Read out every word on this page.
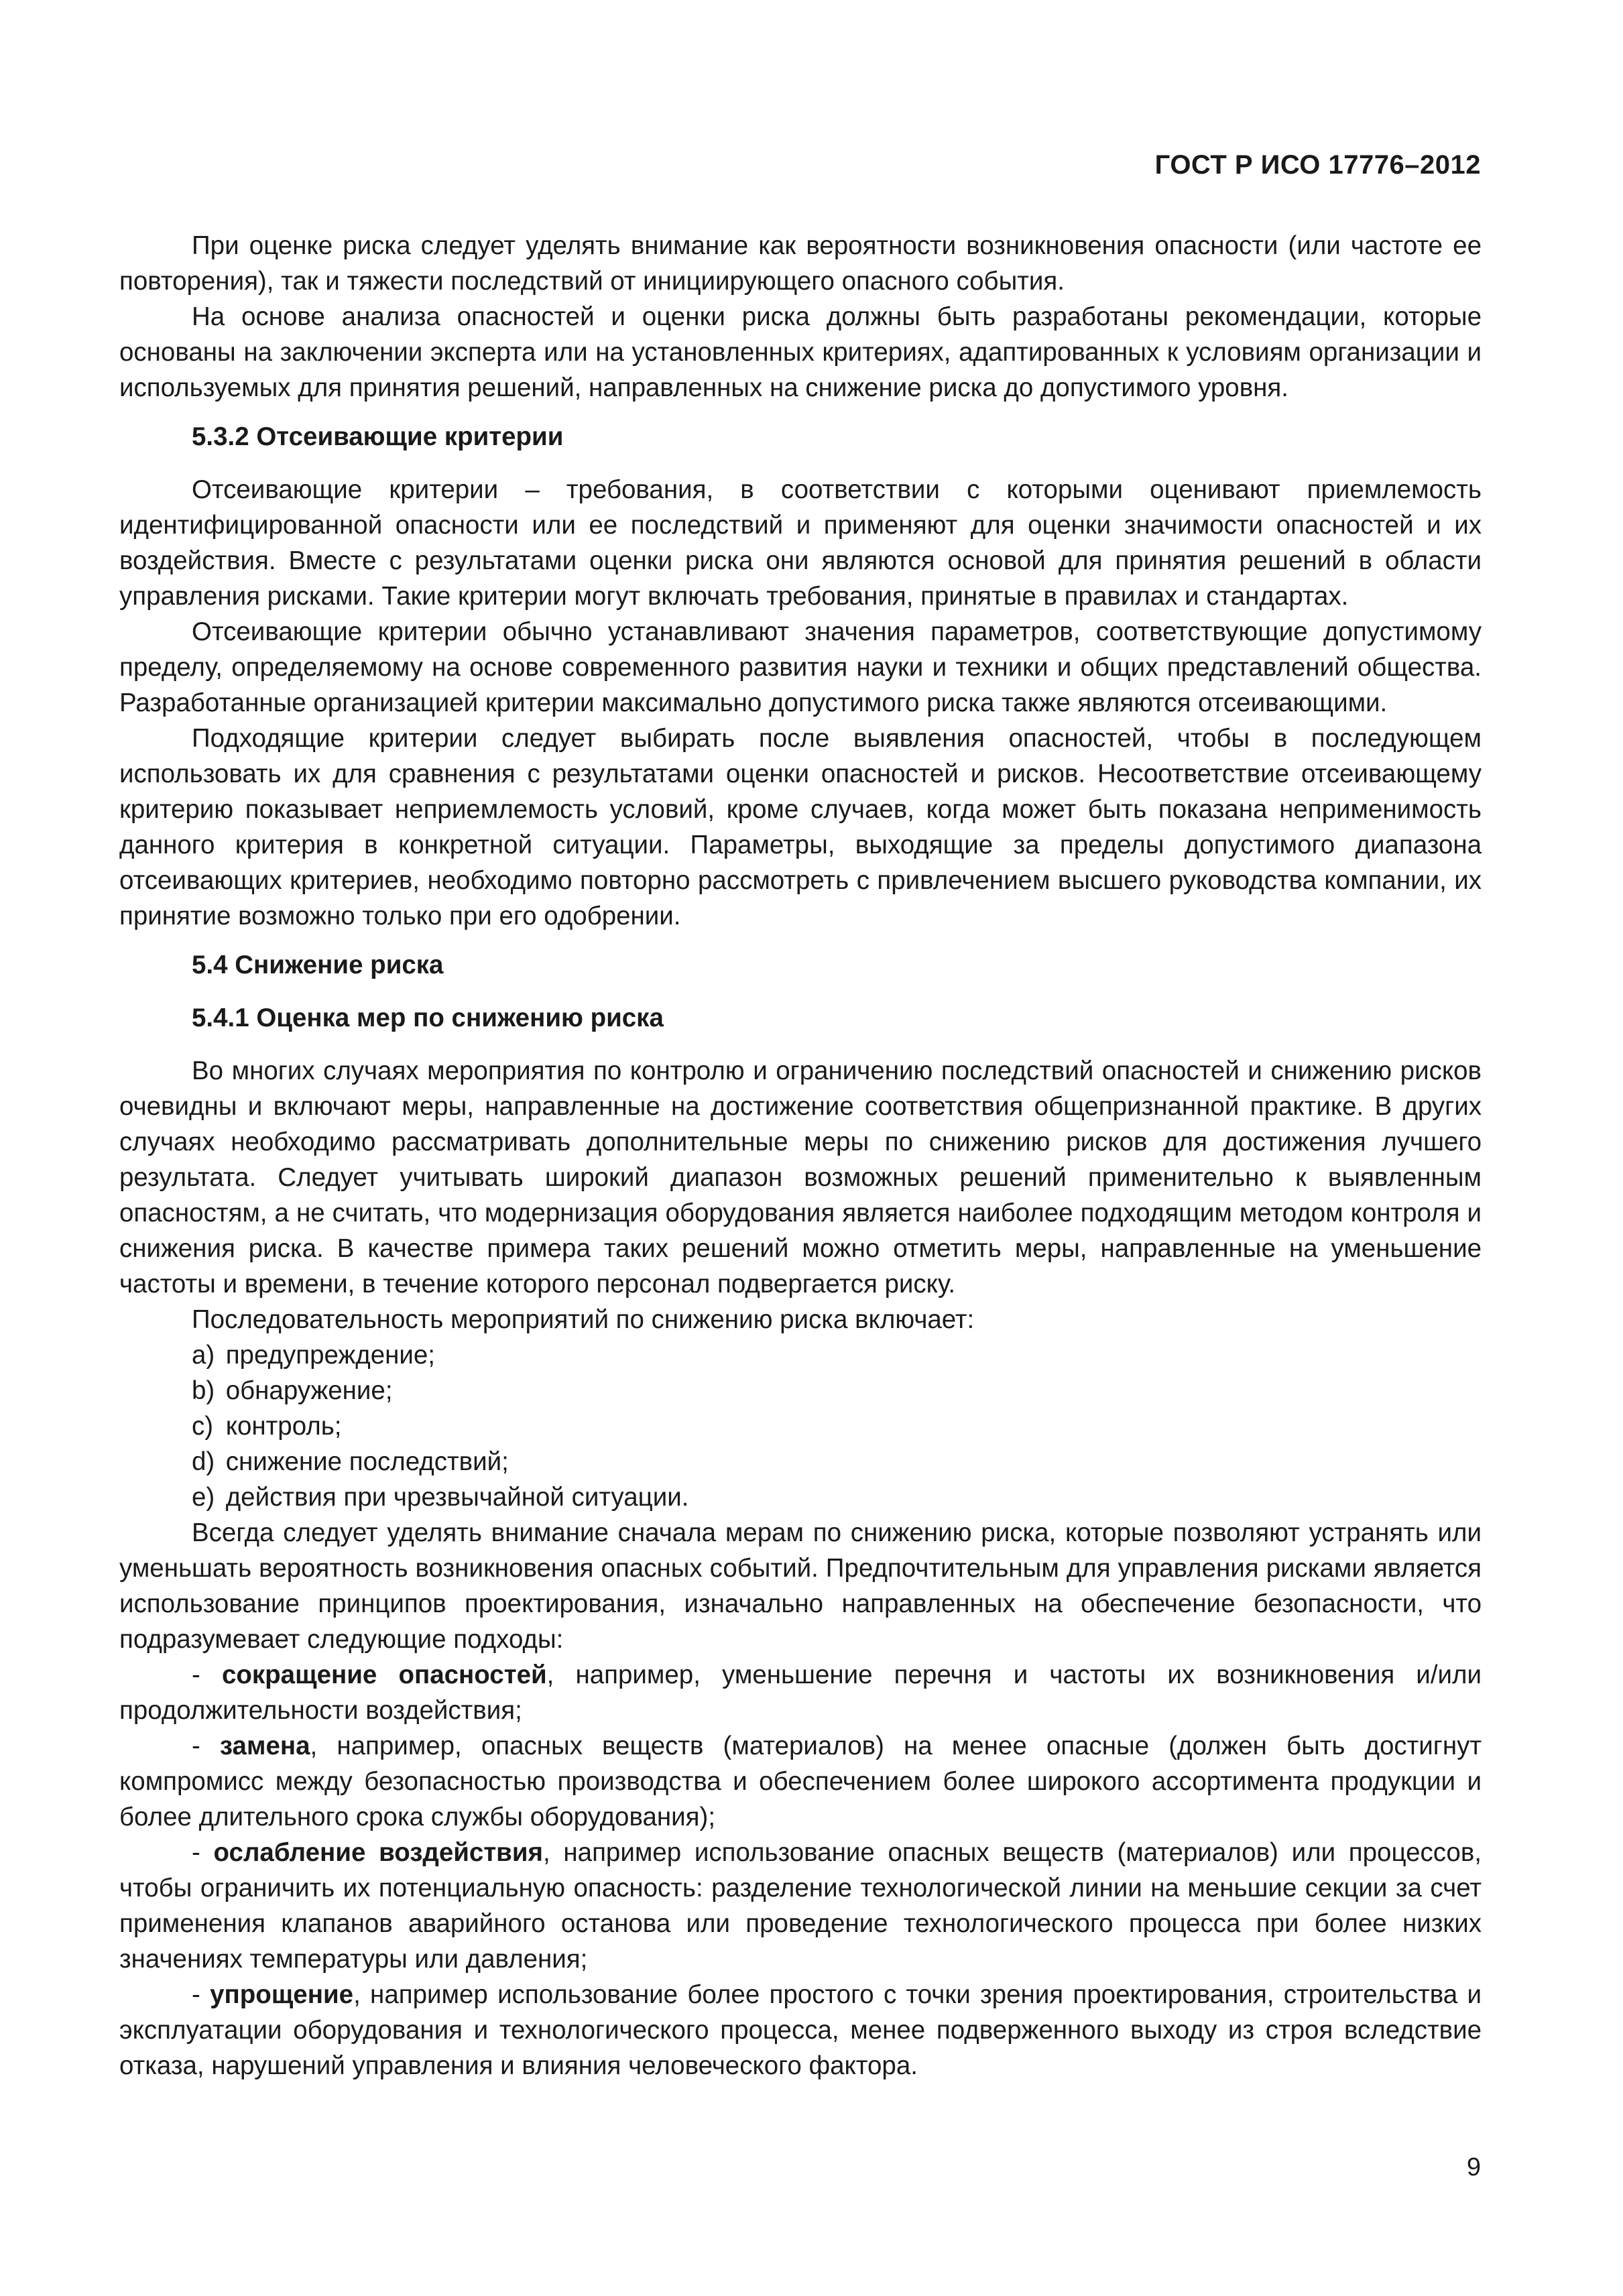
ГОСТ Р ИСО 17776–2012

При оценке риска следует уделять внимание как вероятности возникновения опасности (или частоте ее повторения), так и тяжести последствий от инициирующего опасного события.

На основе анализа опасностей и оценки риска должны быть разработаны рекомендации, которые основаны на заключении эксперта или на установленных критериях, адаптированных к условиям организации и используемых для принятия решений, направленных на снижение риска до допустимого уровня.

5.3.2 Отсеивающие критерии

Отсеивающие критерии – требования, в соответствии с которыми оценивают приемлемость идентифицированной опасности или ее последствий и применяют для оценки значимости опасностей и их воздействия. Вместе с результатами оценки риска они являются основой для принятия решений в области управления рисками. Такие критерии могут включать требования, принятые в правилах и стандартах.

Отсеивающие критерии обычно устанавливают значения параметров, соответствующие допустимому пределу, определяемому на основе современного развития науки и техники и общих представлений общества. Разработанные организацией критерии максимально допустимого риска также являются отсеивающими.

Подходящие критерии следует выбирать после выявления опасностей, чтобы в последующем использовать их для сравнения с результатами оценки опасностей и рисков. Несоответствие отсеивающему критерию показывает неприемлемость условий, кроме случаев, когда может быть показана неприменимость данного критерия в конкретной ситуации. Параметры, выходящие за пределы допустимого диапазона отсеивающих критериев, необходимо повторно рассмотреть с привлечением высшего руководства компании, их принятие возможно только при его одобрении.

5.4 Снижение риска
5.4.1 Оценка мер по снижению риска

Во многих случаях мероприятия по контролю и ограничению последствий опасностей и снижению рисков очевидны и включают меры, направленные на достижение соответствия общепризнанной практике. В других случаях необходимо рассматривать дополнительные меры по снижению рисков для достижения лучшего результата. Следует учитывать широкий диапазон возможных решений применительно к выявленным опасностям, а не считать, что модернизация оборудования является наиболее подходящим методом контроля и снижения риска. В качестве примера таких решений можно отметить меры, направленные на уменьшение частоты и времени, в течение которого персонал подвергается риску.

Последовательность мероприятий по снижению риска включает:

a) предупреждение;
b) обнаружение;
c) контроль;
d) снижение последствий;
e) действия при чрезвычайной ситуации.

Всегда следует уделять внимание сначала мерам по снижению риска, которые позволяют устранять или уменьшать вероятность возникновения опасных событий. Предпочтительным для управления рисками является использование принципов проектирования, изначально направленных на обеспечение безопасности, что подразумевает следующие подходы:

- сокращение опасностей, например, уменьшение перечня и частоты их возникновения и/или продолжительности воздействия;

- замена, например, опасных веществ (материалов) на менее опасные (должен быть достигнут компромисс между безопасностью производства и обеспечением более широкого ассортимента продукции и более длительного срока службы оборудования);

- ослабление воздействия, например использование опасных веществ (материалов) или процессов, чтобы ограничить их потенциальную опасность: разделение технологической линии на меньшие секции за счет применения клапанов аварийного останова или проведение технологического процесса при более низких значениях температуры или давления;

- упрощение, например использование более простого с точки зрения проектирования, строительства и эксплуатации оборудования и технологического процесса, менее подверженного выходу из строя вследствие отказа, нарушений управления и влияния человеческого фактора.

9
